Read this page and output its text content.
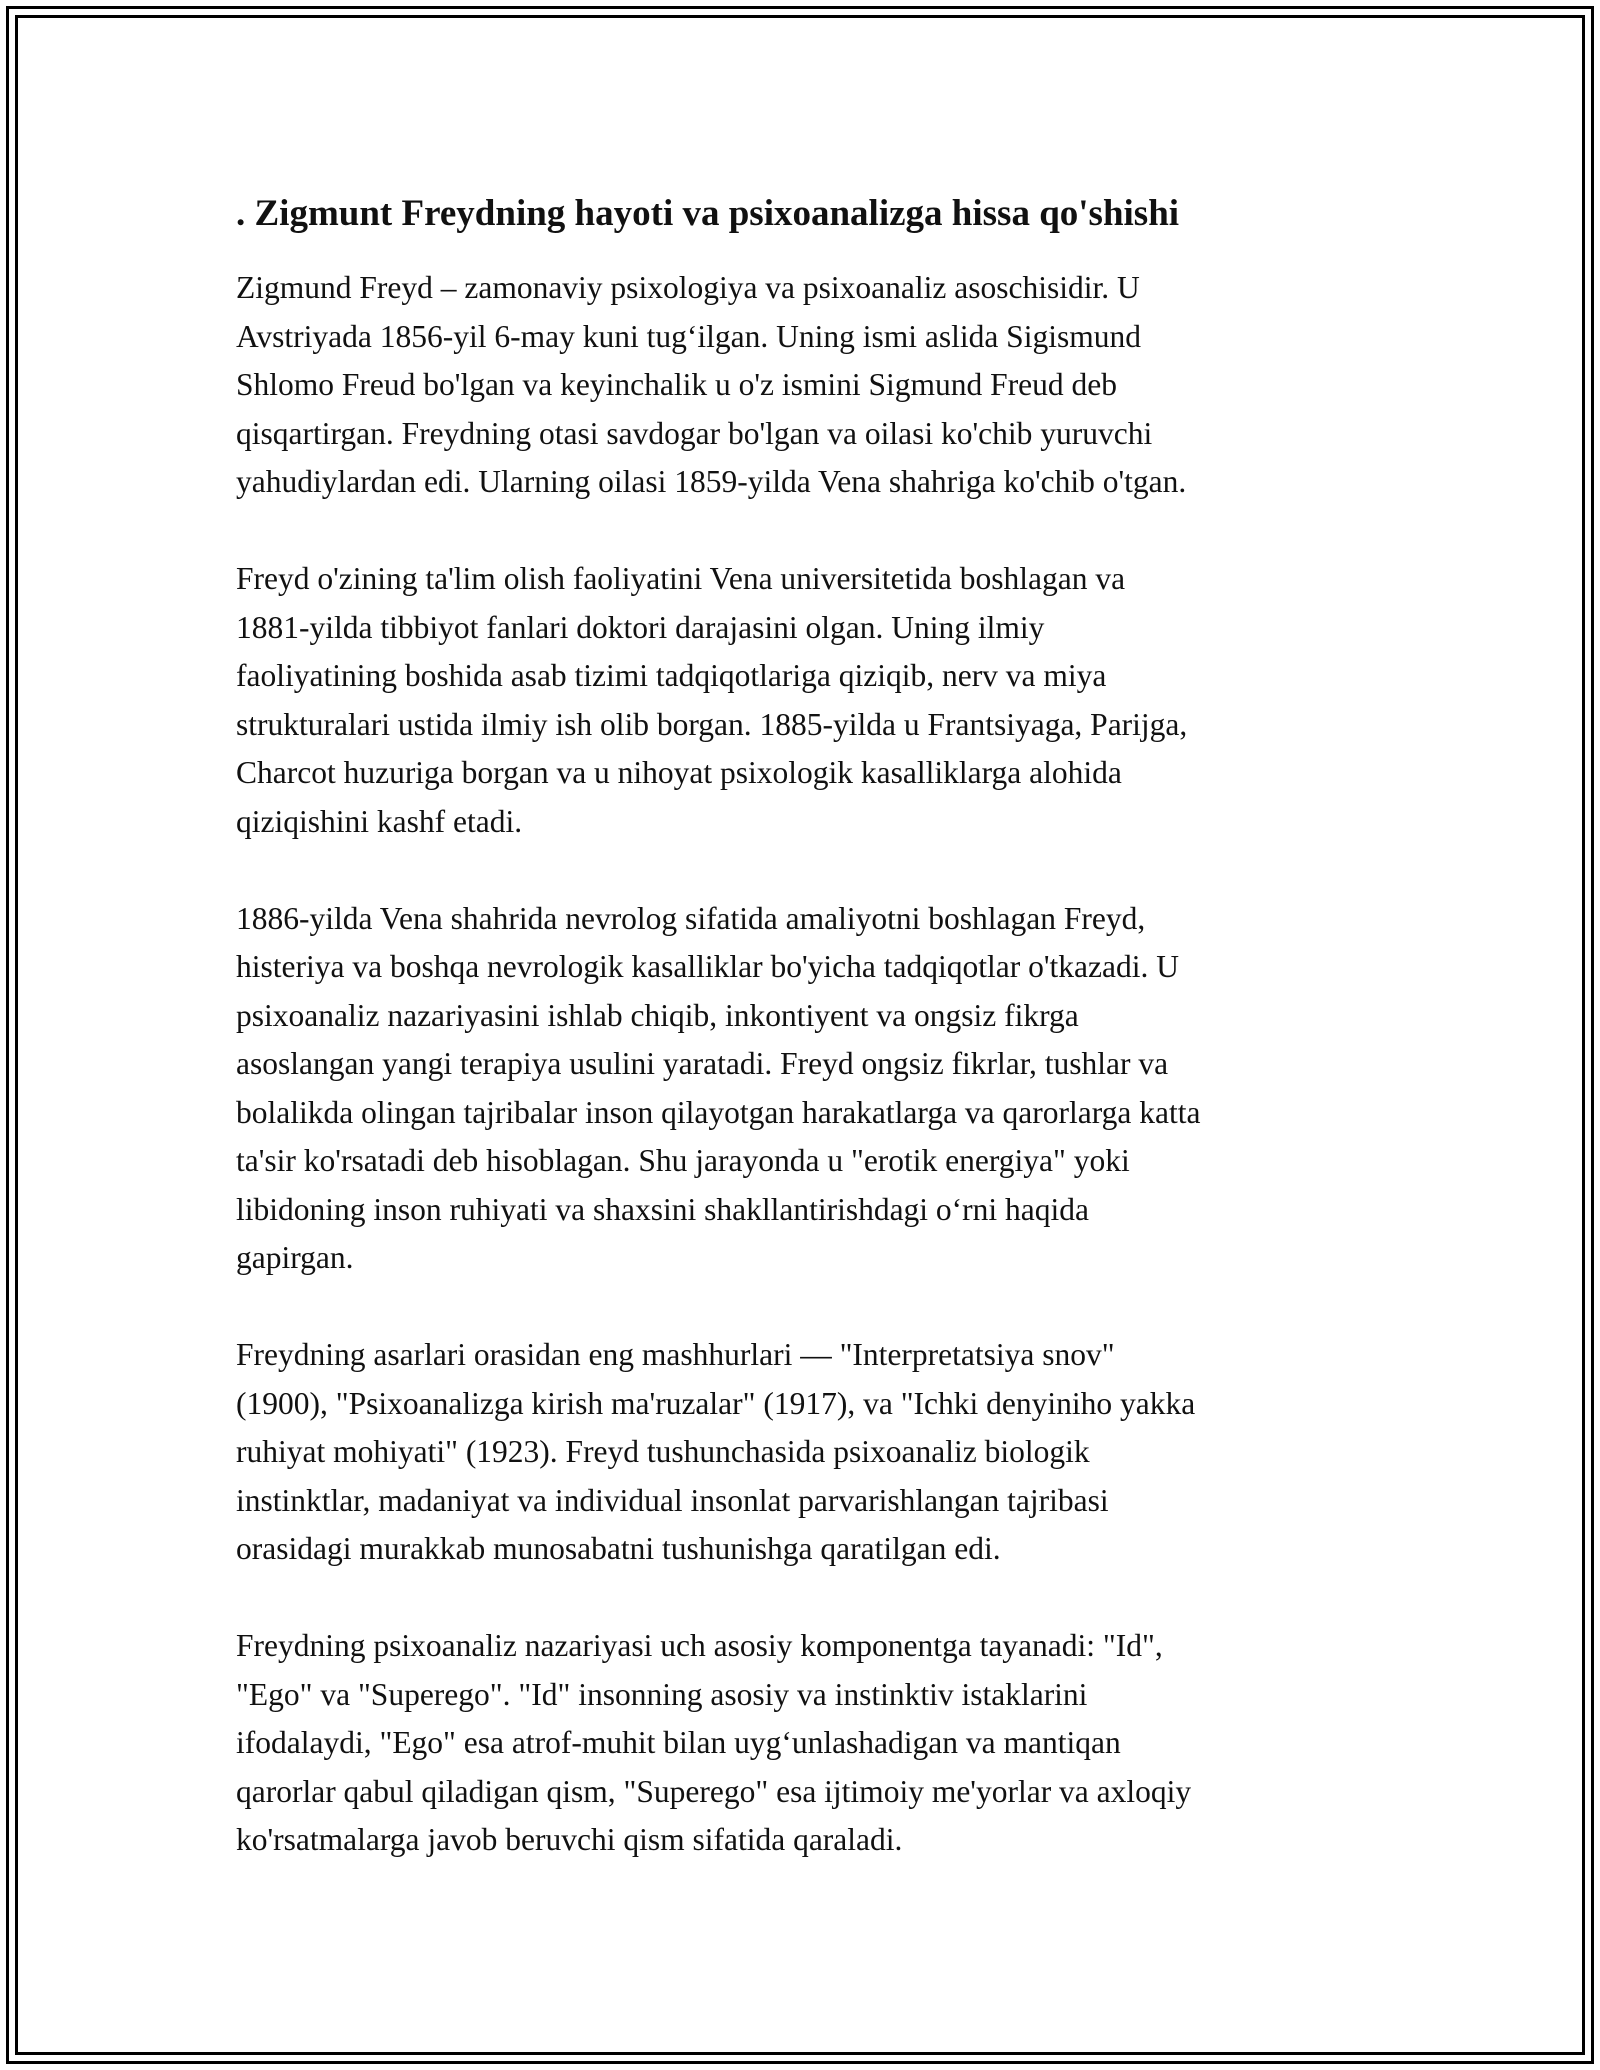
. Zigmunt Freydning hayoti va psixoanalizga hissa qo'shishi
Zigmund Freyd – zamonaviy psixologiya va psixoanaliz asoschisidir. U
Avstriyada 1856-yil 6-may kuni tug‘ilgan. Uning ismi aslida Sigismund
Shlomo Freud bo'lgan va keyinchalik u o'z ismini Sigmund Freud deb
qisqartirgan. Freydning otasi savdogar bo'lgan va oilasi ko'chib yuruvchi
yahudiylardan edi. Ularning oilasi 1859-yilda Vena shahriga ko'chib o'tgan.
Freyd o'zining ta'lim olish faoliyatini Vena universitetida boshlagan va
1881-yilda tibbiyot fanlari doktori darajasini olgan. Uning ilmiy
faoliyatining boshida asab tizimi tadqiqotlariga qiziqib, nerv va miya
strukturalari ustida ilmiy ish olib borgan. 1885-yilda u Frantsiyaga, Parijga,
Charcot huzuriga borgan va u nihoyat psixologik kasalliklarga alohida
qiziqishini kashf etadi.
1886-yilda Vena shahrida nevrolog sifatida amaliyotni boshlagan Freyd,
histeriya va boshqa nevrologik kasalliklar bo'yicha tadqiqotlar o'tkazadi. U
psixoanaliz nazariyasini ishlab chiqib, inkontiyent va ongsiz fikrga
asoslangan yangi terapiya usulini yaratadi. Freyd ongsiz fikrlar, tushlar va
bolalikda olingan tajribalar inson qilayotgan harakatlarga va qarorlarga katta
ta'sir ko'rsatadi deb hisoblagan. Shu jarayonda u "erotik energiya" yoki
libidoning inson ruhiyati va shaxsini shakllantirishdagi o‘rni haqida
gapirgan.
Freydning asarlari orasidan eng mashhurlari — "Interpretatsiya snov"
(1900), "Psixoanalizga kirish ma'ruzalar" (1917), va "Ichki denyiniho yakka
ruhiyat mohiyati" (1923). Freyd tushunchasida psixoanaliz biologik
instinktlar, madaniyat va individual insonlat parvarishlangan tajribasi
orasidagi murakkab munosabatni tushunishga qaratilgan edi.
Freydning psixoanaliz nazariyasi uch asosiy komponentga tayanadi: "Id",
"Ego" va "Superego". "Id" insonning asosiy va instinktiv istaklarini
ifodalaydi, "Ego" esa atrof-muhit bilan uyg‘unlashadigan va mantiqan
qarorlar qabul qiladigan qism, "Superego" esa ijtimoiy me'yorlar va axloqiy
ko'rsatmalarga javob beruvchi qism sifatida qaraladi.
